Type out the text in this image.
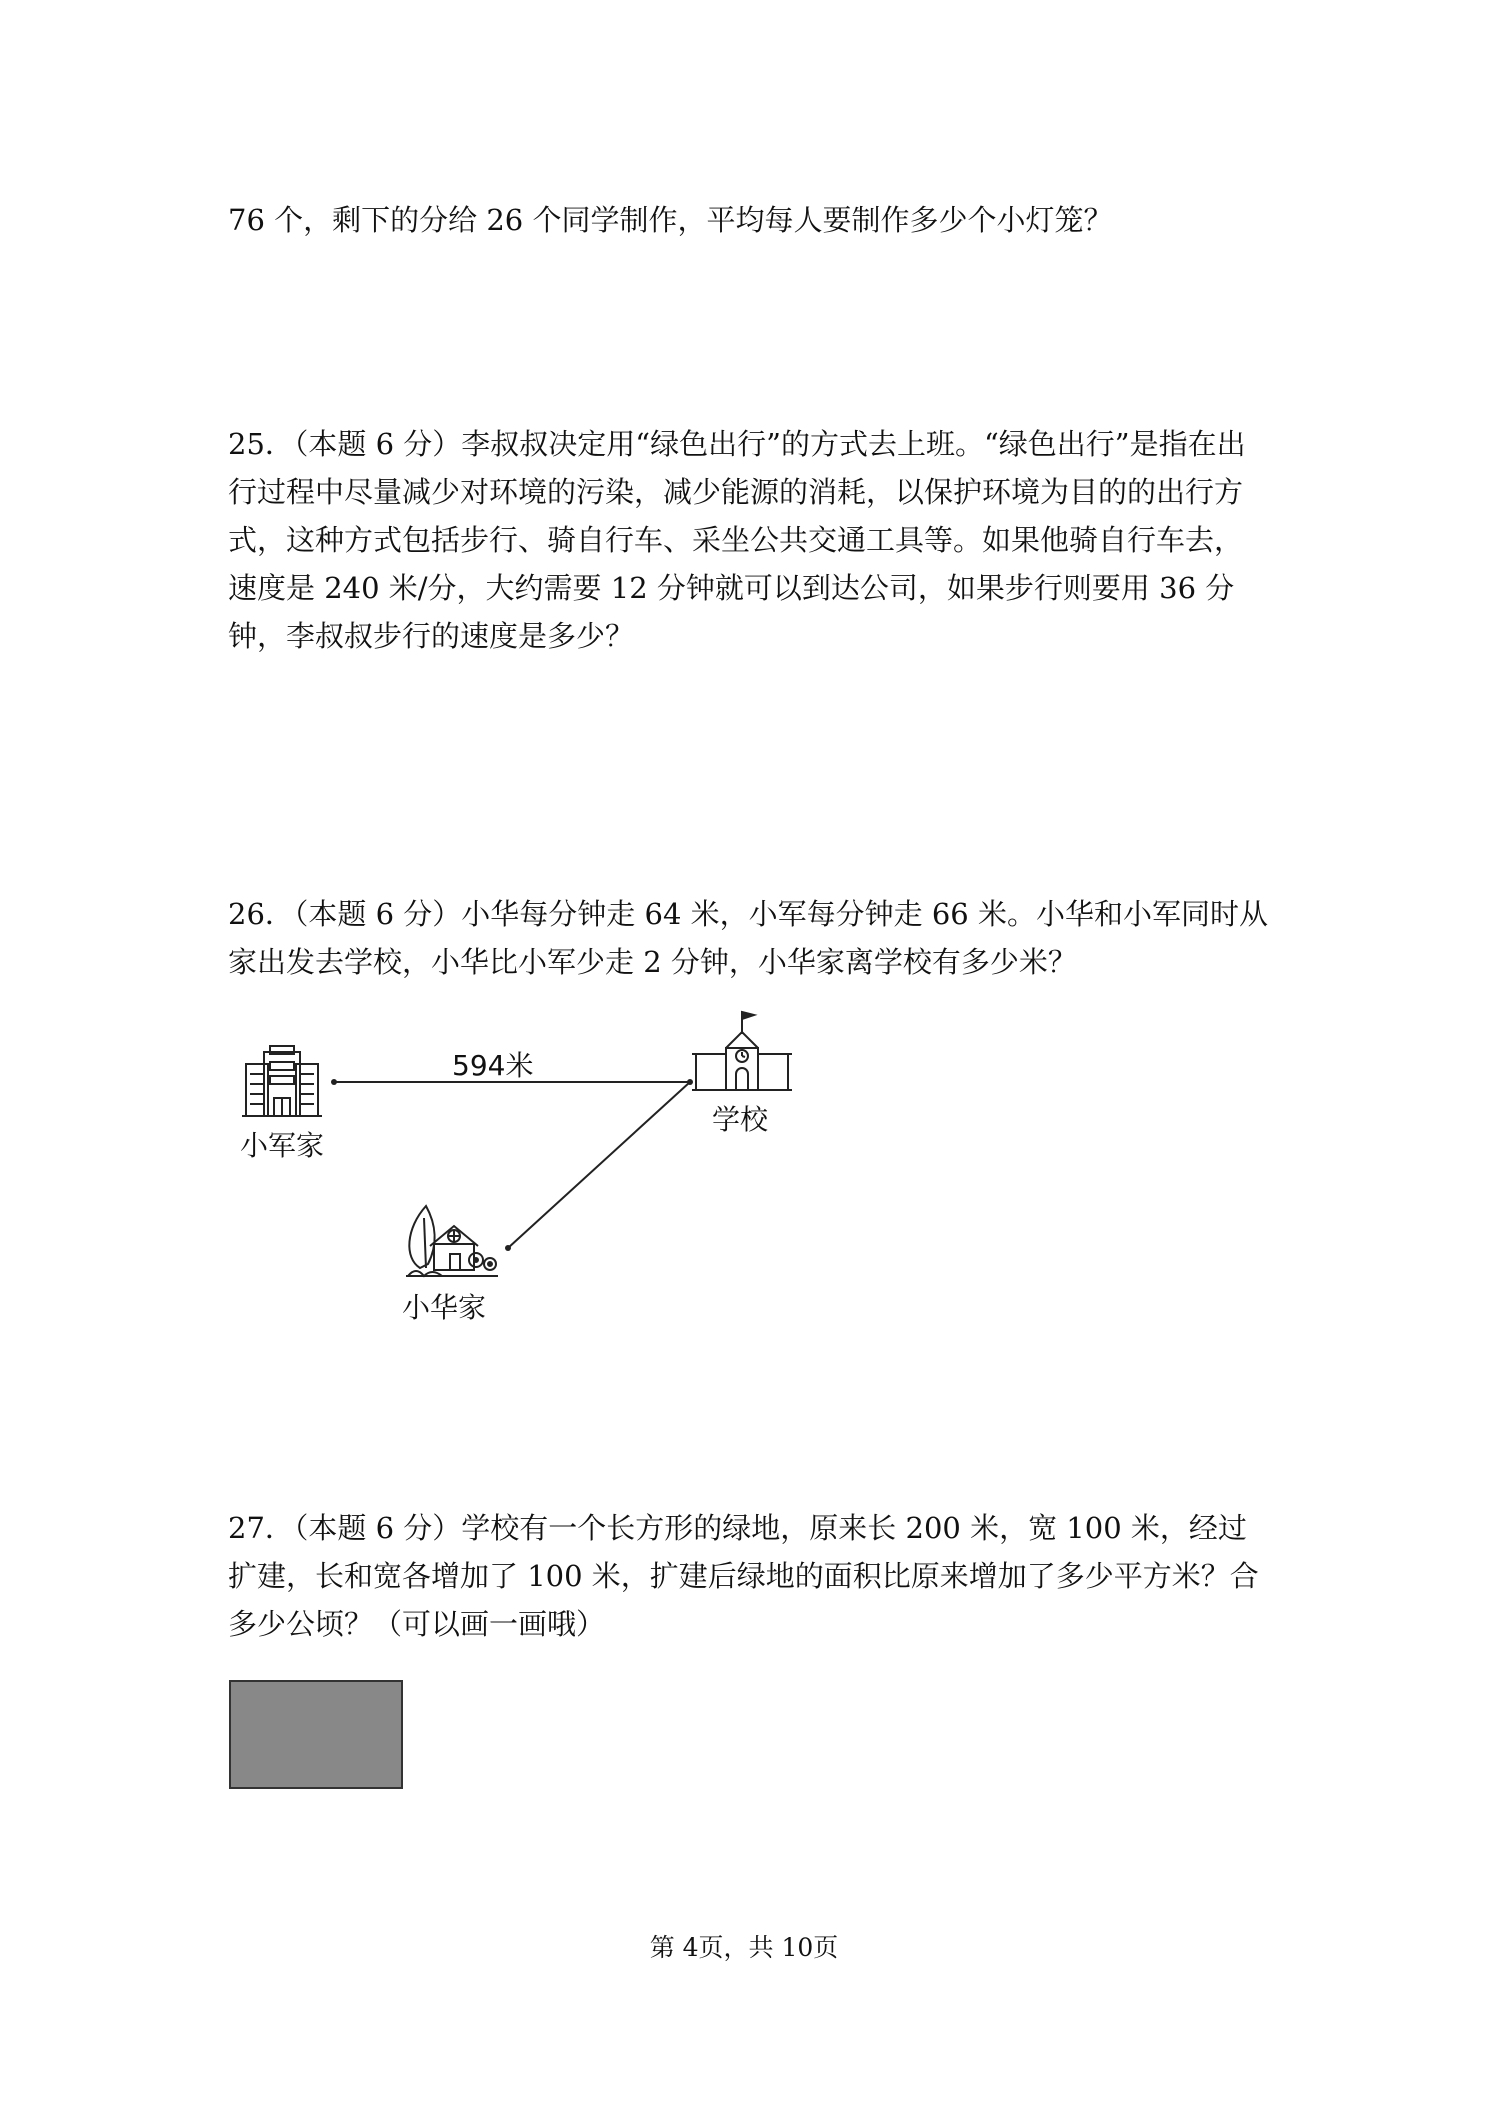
76 个，剩下的分给 26 个同学制作，平均每人要制作多少个小灯笼？

25．（本题 6 分）李叔叔决定用“绿色出行”的方式去上班。“绿色出行”是指在出行过程中尽量减少对环境的污染，减少能源的消耗，以保护环境为目的的出行方式，这种方式包括步行、骑自行车、采坐公共交通工具等。如果他骑自行车去，速度是 240 米/分，大约需要 12 分钟就可以到达公司，如果步行则要用 36 分钟，李叔叔步行的速度是多少？

26．（本题 6 分）小华每分钟走 64 米，小军每分钟走 66 米。小华和小军同时从家出发去学校，小华比小军少走 2 分钟，小华家离学校有多少米？

小军家
594米
学校
小华家

27．（本题 6 分）学校有一个长方形的绿地，原来长 200 米，宽 100 米，经过扩建，长和宽各增加了 100 米，扩建后绿地的面积比原来增加了多少平方米？合多少公顷？（可以画一画哦）

第 4页，共 10页
